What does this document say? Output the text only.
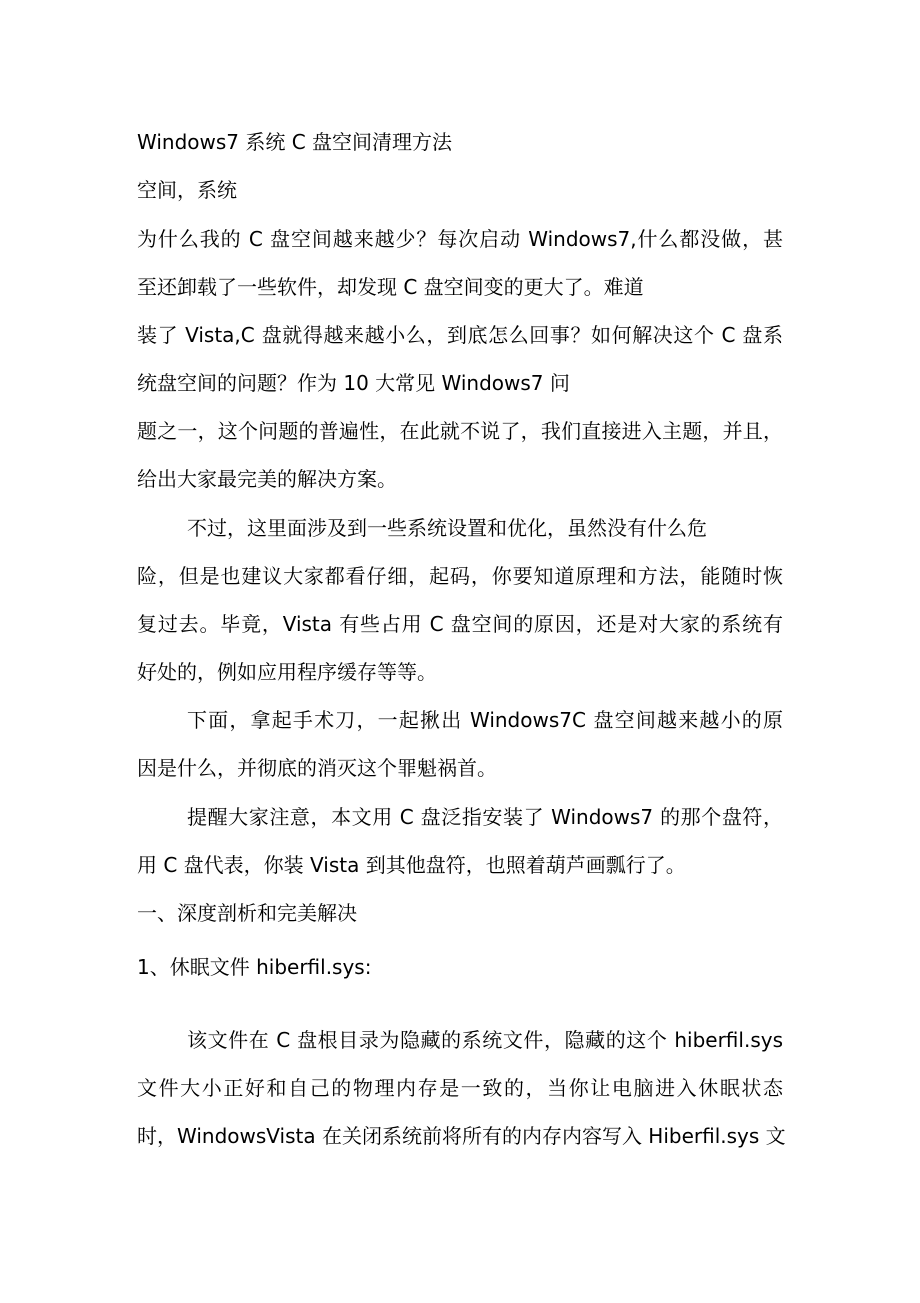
Windows7 系统 C 盘空间清理方法
空间，系统
为什么我的 C 盘空间越来越少？每次启动 Windows7,什么都没做，甚
至还卸载了一些软件，却发现 C 盘空间变的更大了。难道
装了 Vista,C 盘就得越来越小么，到底怎么回事？如何解决这个 C 盘系
统盘空间的问题？作为 10 大常见 Windows7 问
题之一，这个问题的普遍性，在此就不说了，我们直接进入主题，并且，
给出大家最完美的解决方案。
不过，这里面涉及到一些系统设置和优化，虽然没有什么危
险，但是也建议大家都看仔细，起码，你要知道原理和方法，能随时恢
复过去。毕竟，Vista 有些占用 C 盘空间的原因，还是对大家的系统有
好处的，例如应用程序缓存等等。
下面，拿起手术刀，一起揪出 Windows7C 盘空间越来越小的原
因是什么，并彻底的消灭这个罪魁祸首。
提醒大家注意，本文用 C 盘泛指安装了 Windows7 的那个盘符，
用 C 盘代表，你装 Vista 到其他盘符，也照着葫芦画瓢行了。
一、深度剖析和完美解决
1、休眠文件 hiberfil.sys:
该文件在 C 盘根目录为隐藏的系统文件，隐藏的这个 hiberfil.sys
文件大小正好和自己的物理内存是一致的，当你让电脑进入休眠状态
时，WindowsVista 在关闭系统前将所有的内存内容写入 Hiberfil.sys 文
